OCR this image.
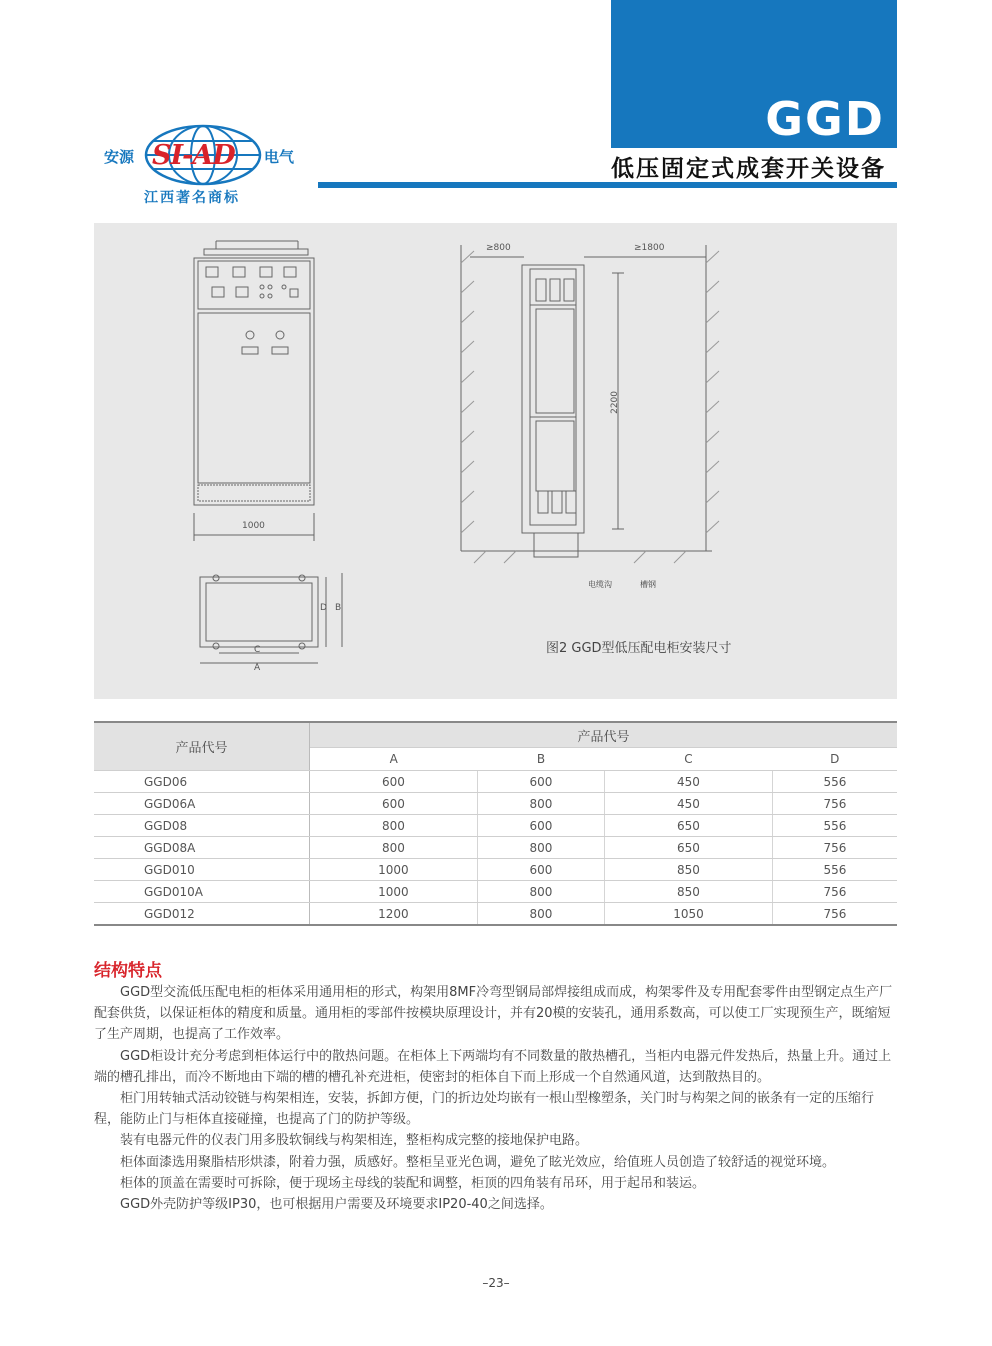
GGD
低压固定式成套开关设备
安源 SI-AD 电气
江西著名商标
1000
≥800	≥1800
2200
D B
C
A
电缆沟	槽钢
图2 GGD型低压配电柜安装尺寸
产品代号	产品代号			
	A	B	C	D
GGD06	600	600	450	556
GGD06A	600	800	450	756
GGD08	800	600	650	556
GGD08A	800	800	650	756
GGD010	1000	600	850	556
GGD010A	1000	800	850	756
GGD012	1200	800	1050	756
结构特点

GGD型交流低压配电柜的柜体采用通用柜的形式，构架用8MF冷弯型钢局部焊接组成而成，构架零件及专用配套零件由型钢定点生产厂配套供货，以保证柜体的精度和质量。通用柜的零部件按模块原理设计，并有20模的安装孔，通用系数高，可以使工厂实现预生产，既缩短了生产周期，也提高了工作效率。

GGD柜设计充分考虑到柜体运行中的散热问题。在柜体上下两端均有不同数量的散热槽孔，当柜内电器元件发热后，热量上升。通过上端的槽孔排出，而冷不断地由下端的槽的槽孔补充进柜，使密封的柜体自下而上形成一个自然通风道，达到散热目的。

柜门用转轴式活动铰链与构架相连，安装，拆卸方便，门的折边处均嵌有一根山型橡塑条，关门时与构架之间的嵌条有一定的压缩行程，能防止门与柜体直接碰撞，也提高了门的防护等级。

装有电器元件的仪表门用多股软铜线与构架相连，整柜构成完整的接地保护电路。

柜体面漆选用聚脂桔形烘漆，附着力强，质感好。整柜呈亚光色调，避免了眩光效应，给值班人员创造了较舒适的视觉环境。

柜体的顶盖在需要时可拆除，便于现场主母线的装配和调整，柜顶的四角装有吊环，用于起吊和装运。

GGD外壳防护等级IP30，也可根据用户需要及环境要求IP20-40之间选择。

–23–
